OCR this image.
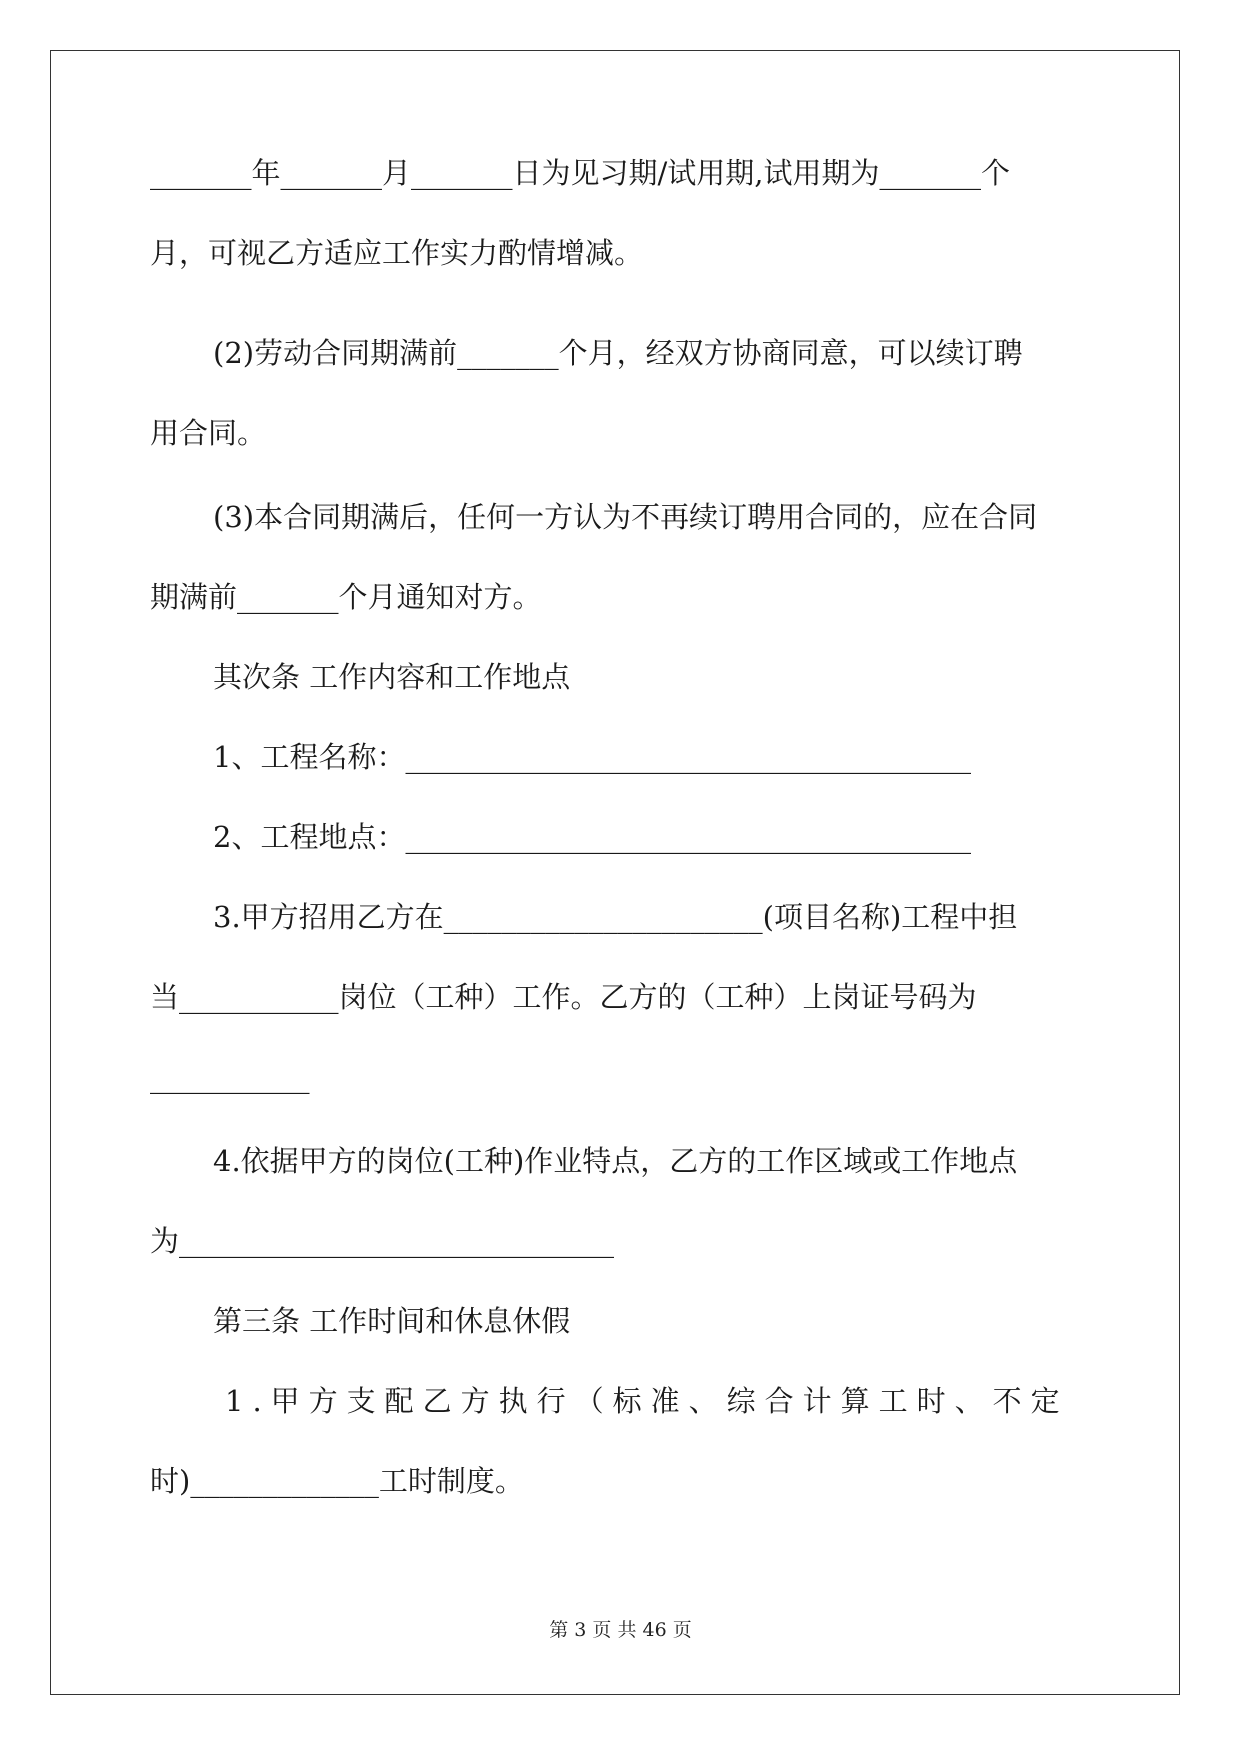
_______年_______月_______日为见习期/试用期,试用期为_______个
月，可视乙方适应工作实力酌情增减。
(2)劳动合同期满前_______个月，经双方协商同意，可以续订聘
用合同。
(3)本合同期满后，任何一方认为不再续订聘用合同的，应在合同
期满前_______个月通知对方。
其次条 工作内容和工作地点
1、工程名称：_______________________________________
2、工程地点：_______________________________________
3.甲方招用乙方在______________________(项目名称)工程中担
当___________岗位（工种）工作。乙方的（工种）上岗证号码为
___________
4.依据甲方的岗位(工种)作业特点，乙方的工作区域或工作地点
为______________________________
第三条 工作时间和休息休假
1.甲方支配乙方执行（标准、综合计算工时、不定
时)_____________工时制度。
第 3 页 共 46 页
